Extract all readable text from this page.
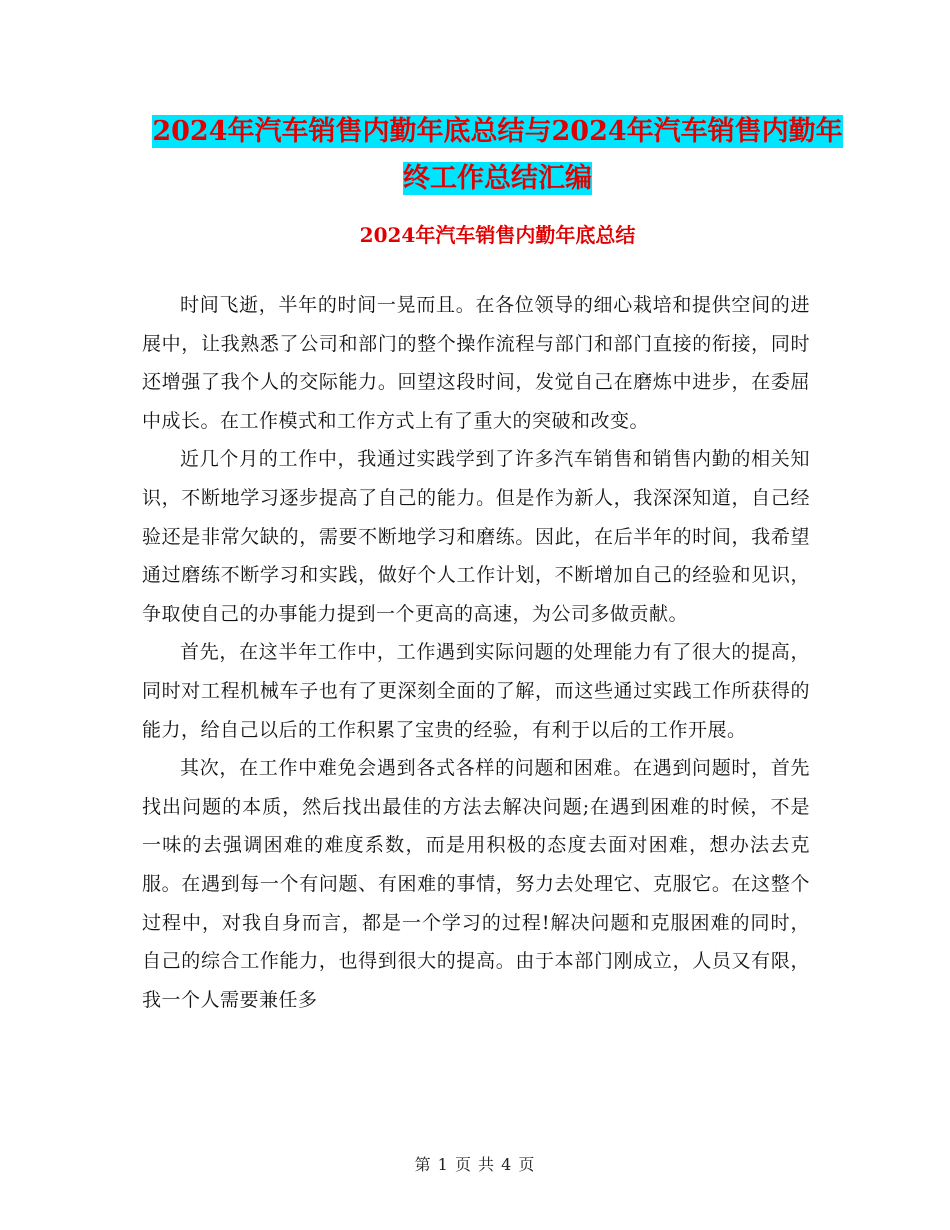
2024年汽车销售内勤年底总结与2024年汽车销售内勤年终工作总结汇编
2024年汽车销售内勤年底总结

时间飞逝，半年的时间一晃而且。在各位领导的细心栽培和提供空间的进展中，让我熟悉了公司和部门的整个操作流程与部门和部门直接的衔接，同时还增强了我个人的交际能力。回望这段时间，发觉自己在磨炼中进步，在委屈中成长。在工作模式和工作方式上有了重大的突破和改变。

近几个月的工作中，我通过实践学到了许多汽车销售和销售内勤的相关知识，不断地学习逐步提高了自己的能力。但是作为新人，我深深知道，自己经验还是非常欠缺的，需要不断地学习和磨练。因此，在后半年的时间，我希望通过磨练不断学习和实践，做好个人工作计划，不断增加自己的经验和见识，争取使自己的办事能力提到一个更高的高速，为公司多做贡献。

首先，在这半年工作中，工作遇到实际问题的处理能力有了很大的提高，同时对工程机械车子也有了更深刻全面的了解，而这些通过实践工作所获得的能力，给自己以后的工作积累了宝贵的经验，有利于以后的工作开展。

其次，在工作中难免会遇到各式各样的问题和困难。在遇到问题时，首先找出问题的本质，然后找出最佳的方法去解决问题;在遇到困难的时候，不是一味的去强调困难的难度系数，而是用积极的态度去面对困难，想办法去克服。在遇到每一个有问题、有困难的事情，努力去处理它、克服它。在这整个过程中，对我自身而言，都是一个学习的过程!解决问题和克服困难的同时，自己的综合工作能力，也得到很大的提高。由于本部门刚成立，人员又有限，我一个人需要兼任多

第 1 页 共 4 页
